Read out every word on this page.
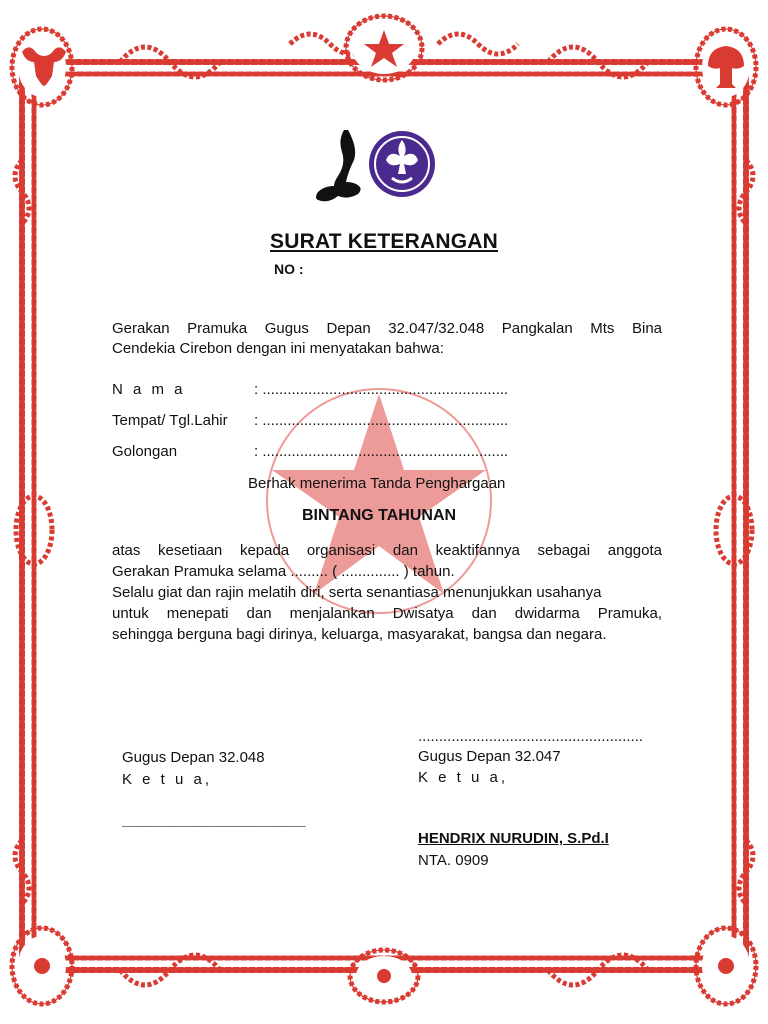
SURAT KETERANGAN
NO :
Gerakan Pramuka Gugus Depan 32.047/32.048 Pangkalan Mts Bina
Cendekia Cirebon dengan ini menyatakan bahwa:
N a m a	: ...........................................................
Tempat/ Tgl.Lahir : ...........................................................
Golongan	: ...........................................................
Berhak menerima Tanda Penghargaan
BINTANG TAHUNAN
atas kesetiaan kepada organisasi dan keaktifannya sebagai anggota
Gerakan Pramuka selama ......... ( .............. ) tahun.
Selalu giat dan rajin melatih diri, serta senantiasa menunjukkan usahanya
untuk menepati dan menjalankan Dwisatya dan dwidarma Pramuka,
sehingga berguna bagi dirinya, keluarga, masyarakat, bangsa dan negara.
Gugus Depan 32.048
K e t u a,
______________________
......................................................
Gugus Depan 32.047
K e t u a,
HENDRIX NURUDIN, S.Pd.I
NTA. 0909
